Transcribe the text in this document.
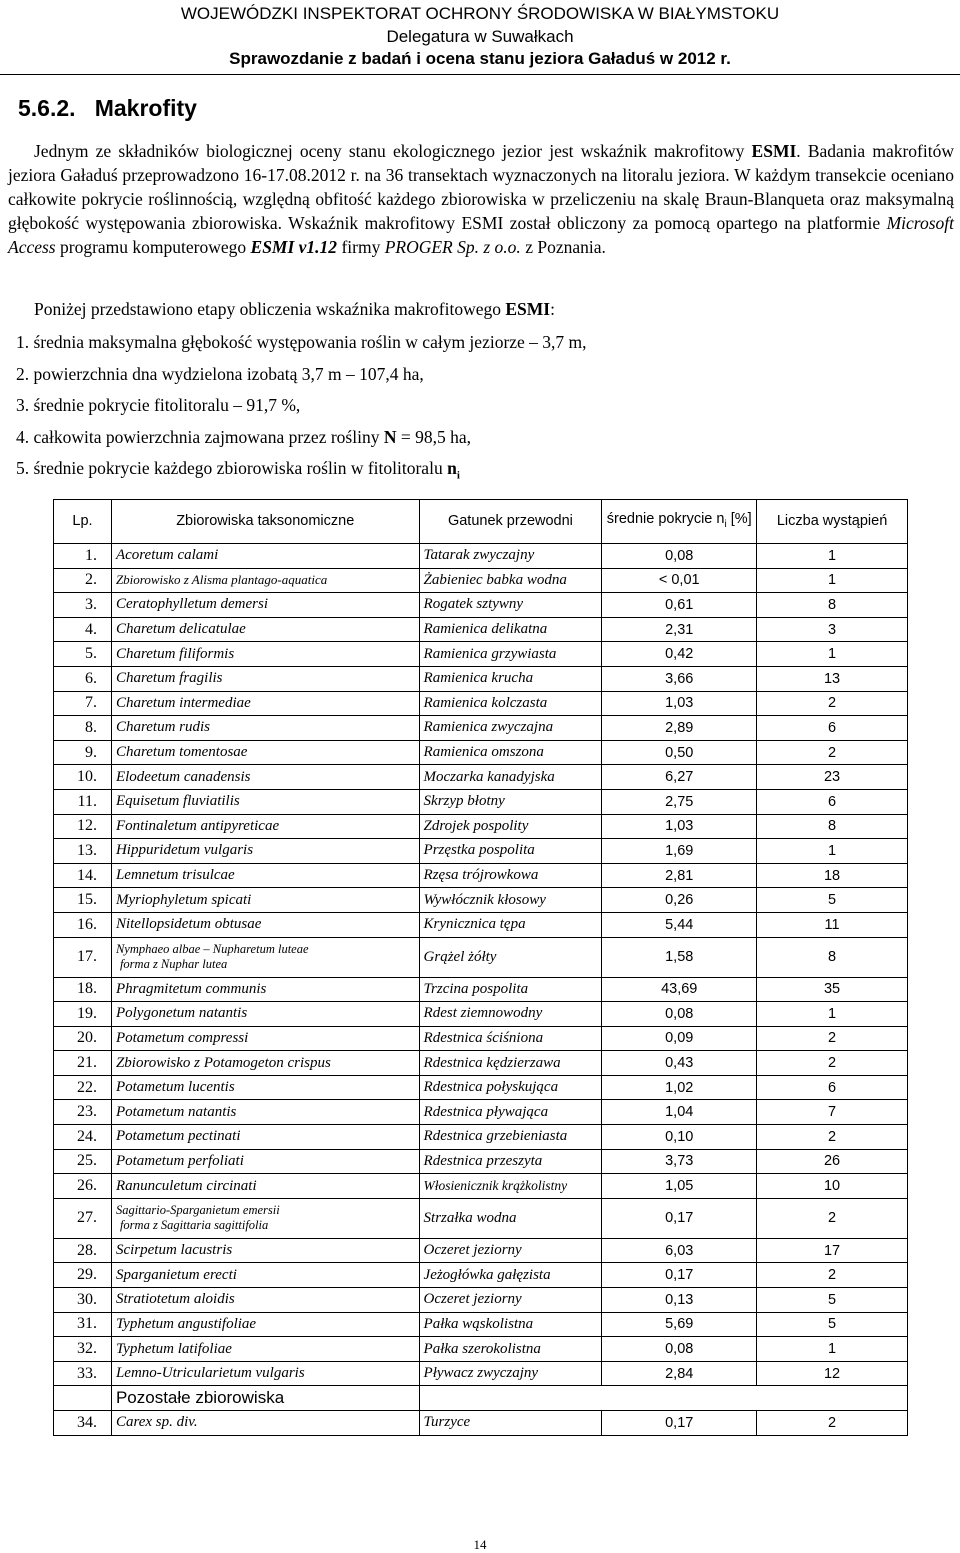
WOJEWÓDZKI INSPEKTORAT OCHRONY ŚRODOWISKA W BIAŁYMSTOKU
Delegatura w Suwałkach
Sprawozdanie z badań i ocena stanu jeziora Gaładuś w 2012 r.
5.6.2.   Makrofity

Jednym ze składników biologicznej oceny stanu ekologicznego jezior jest wskaźnik makrofitowy ESMI. Badania makrofitów jeziora Gaładuś przeprowadzono 16-17.08.2012 r. na 36 transektach wyznaczonych na litoralu jeziora. W każdym transekcie oceniano całkowite pokrycie roślinnością, względną obfitość każdego zbiorowiska w przeliczeniu na skalę Braun-Blanqueta oraz maksymalną głębokość występowania zbiorowiska. Wskaźnik makrofitowy ESMI został obliczony za pomocą opartego na platformie Microsoft Access programu komputerowego ESMI v1.12 firmy PROGER Sp. z o.o. z Poznania.

Poniżej przedstawiono etapy obliczenia wskaźnika makrofitowego ESMI:
1. średnia maksymalna głębokość występowania roślin w całym jeziorze – 3,7 m,
2. powierzchnia dna wydzielona izobatą 3,7 m – 107,4 ha,
3. średnie pokrycie fitolitoralu – 91,7 %,
4. całkowita powierzchnia zajmowana przez rośliny N = 98,5 ha,
5. średnie pokrycie każdego zbiorowiska roślin w fitolitoralu $n_i$
Lp.	Zbiorowiska taksonomiczne	Gatunek przewodni	średnie pokrycie $n_i$ [%]	Liczba wystąpień
1.	Acoretum calami	Tatarak zwyczajny	0,08	1
2.	Zbiorowisko z Alisma plantago-aquatica	Żabieniec babka wodna	< 0,01	1
3.	Ceratophylletum demersi	Rogatek sztywny	0,61	8
4.	Charetum delicatulae	Ramienica delikatna	2,31	3
5.	Charetum filiformis	Ramienica grzywiasta	0,42	1
6.	Charetum fragilis	Ramienica krucha	3,66	13
7.	Charetum intermediae	Ramienica kolczasta	1,03	2
8.	Charetum rudis	Ramienica zwyczajna	2,89	6
9.	Charetum tomentosae	Ramienica omszona	0,50	2
10.	Elodeetum canadensis	Moczarka kanadyjska	6,27	23
11.	Equisetum fluviatilis	Skrzyp błotny	2,75	6
12.	Fontinaletum antipyreticae	Zdrojek pospolity	1,03	8
13.	Hippuridetum vulgaris	Przęstka pospolita	1,69	1
14.	Lemnetum trisulcae	Rzęsa trójrowkowa	2,81	18
15.	Myriophyletum spicati	Wywłócznik kłosowy	0,26	5
16.	Nitellopsidetum obtusae	Krynicznica tępa	5,44	11
17.	Nymphaeo albae – Nupharetum luteae
forma z Nuphar lutea	Grążel żółty	1,58	8
18.	Phragmitetum communis	Trzcina pospolita	43,69	35
19.	Polygonetum natantis	Rdest ziemnowodny	0,08	1
20.	Potametum compressi	Rdestnica ściśniona	0,09	2
21.	Zbiorowisko z Potamogeton crispus	Rdestnica kędzierzawa	0,43	2
22.	Potametum lucentis	Rdestnica połyskująca	1,02	6
23.	Potametum natantis	Rdestnica pływająca	1,04	7
24.	Potametum pectinati	Rdestnica grzebieniasta	0,10	2
25.	Potametum perfoliati	Rdestnica przeszyta	3,73	26
26.	Ranunculetum circinati	Włosienicznik krążkolistny	1,05	10
27.	Sagittario-Sparganietum emersii
forma z Sagittaria sagittifolia	Strzałka wodna	0,17	2
28.	Scirpetum lacustris	Oczeret jeziorny	6,03	17
29.	Sparganietum erecti	Jeżogłówka gałęzista	0,17	2
30.	Stratiotetum aloidis	Oczeret jeziorny	0,13	5
31.	Typhetum angustifoliae	Pałka wąskolistna	5,69	5
32.	Typhetum latifoliae	Pałka szerokolistna	0,08	1
33.	Lemno-Utricularietum vulgaris	Pływacz zwyczajny	2,84	12
	Pozostałe zbiorowiska			
34.	Carex sp. div.	Turzyce	0,17	2
14
